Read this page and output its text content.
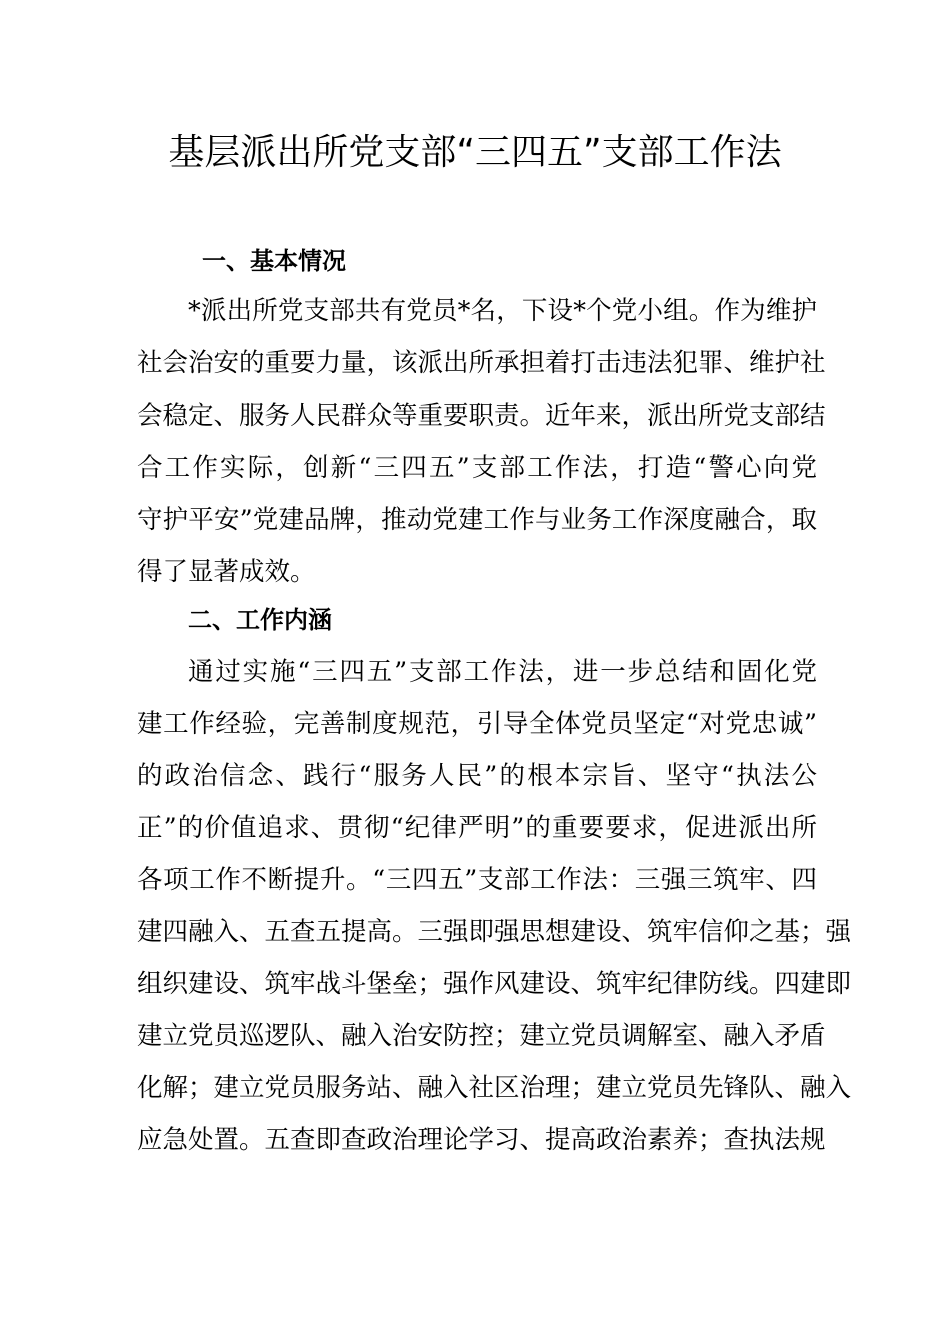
基层派出所党支部“三四五”支部工作法
一、基本情况
*派出所党支部共有党员*名，下设*个党小组。作为维护
社会治安的重要力量，该派出所承担着打击违法犯罪、维护社
会稳定、服务人民群众等重要职责。近年来，派出所党支部结
合工作实际，创新“三四五”支部工作法，打造“警心向党
守护平安”党建品牌，推动党建工作与业务工作深度融合，取
得了显著成效。
二、工作内涵
通过实施“三四五”支部工作法，进一步总结和固化党
建工作经验，完善制度规范，引导全体党员坚定“对党忠诚”
的政治信念、践行“服务人民”的根本宗旨、坚守“执法公
正”的价值追求、贯彻“纪律严明”的重要要求，促进派出所
各项工作不断提升。“三四五”支部工作法：三强三筑牢、四
建四融入、五查五提高。三强即强思想建设、筑牢信仰之基；强
组织建设、筑牢战斗堡垒；强作风建设、筑牢纪律防线。四建即
建立党员巡逻队、融入治安防控；建立党员调解室、融入矛盾
化解；建立党员服务站、融入社区治理；建立党员先锋队、融入
应急处置。五查即查政治理论学习、提高政治素养；查执法规
